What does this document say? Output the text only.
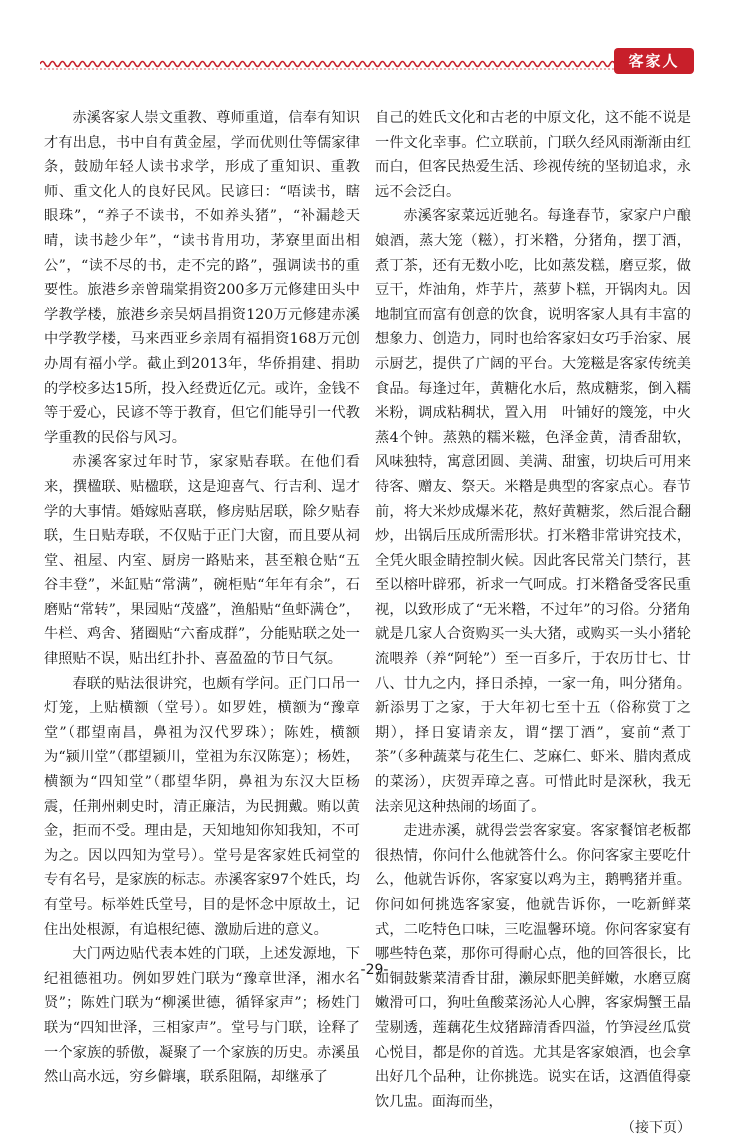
客家人

赤溪客家人崇文重教、尊师重道，信奉有知识才有出息，书中自有黄金屋，学而优则仕等儒家律条，鼓励年轻人读书求学，形成了重知识、重教师、重文化人的良好民风。民谚曰：“唔读书，瞎眼珠”，“养子不读书，不如养头猪”，“补漏趁天晴，读书趁少年”，“读书肯用功，茅寮里面出相公”，“读不尽的书，走不完的路”，强调读书的重要性。旅港乡亲曾瑞棠捐资200多万元修建田头中学教学楼，旅港乡亲吴炳昌捐资120万元修建赤溪中学教学楼，马来西亚乡亲周有福捐资168万元创办周有福小学。截止到2013年，华侨捐建、捐助的学校多达15所，投入经费近亿元。或许，金钱不等于爱心，民谚不等于教育，但它们能导引一代教学重教的民俗与风习。

赤溪客家过年时节，家家贴春联。在他们看来，撰楹联、贴楹联，这是迎喜气、行吉利、逞才学的大事情。婚嫁贴喜联，修房贴居联，除夕贴春联，生日贴寿联，不仅贴于正门大窗，而且要从祠堂、祖屋、内室、厨房一路贴来，甚至粮仓贴“五谷丰登”，米缸贴“常满”，碗柜贴“年年有余”，石磨贴“常转”，果园贴“茂盛”，渔船贴“鱼虾满仓”，牛栏、鸡舍、猪圈贴“六畜成群”，分能贴联之处一律照贴不误，贴出红扑扑、喜盈盈的节日气氛。

春联的贴法很讲究，也颇有学问。正门口吊一灯笼，上贴横额（堂号）。如罗姓，横额为“豫章堂”（郡望南昌，鼻祖为汉代罗珠）；陈姓，横额为“颍川堂”（郡望颍川，堂祖为东汉陈寔）；杨姓，横额为“四知堂”（郡望华阴，鼻祖为东汉大臣杨震，任荆州刺史时，清正廉洁，为民拥戴。贿以黄金，拒而不受。理由是，天知地知你知我知，不可为之。因以四知为堂号）。堂号是客家姓氏祠堂的专有名号，是家族的标志。赤溪客家97个姓氏，均有堂号。标举姓氏堂号，目的是怀念中原故土，记住出处根源，有追根纪德、激励后进的意义。

大门两边贴代表本姓的门联，上述发源地，下纪祖德祖功。例如罗姓门联为“豫章世泽，湘水名贤”；陈姓门联为“柳溪世德，循铎家声”；杨姓门联为“四知世泽，三相家声”。堂号与门联，诠释了一个家族的骄傲，凝聚了一个家族的历史。赤溪虽然山高水远，穷乡僻壤，联系阻隔，却继承了

自己的姓氏文化和古老的中原文化，这不能不说是一件文化幸事。伫立联前，门联久经风雨渐渐由红而白，但客民热爱生活、珍视传统的坚韧追求，永远不会泛白。

赤溪客家菜远近驰名。每逢春节，家家户户酿娘酒，蒸大笼（糍），打米糌，分猪角，摆丁酒，煮丁茶，还有无数小吃，比如蒸发糕，磨豆浆，做豆干，炸油角，炸芋片，蒸萝卜糕，开锅肉丸。因地制宜而富有创意的饮食，说明客家人具有丰富的想象力、创造力，同时也给客家妇女巧手治家、展示厨艺，提供了广阔的平台。大笼糍是客家传统美食品。每逢过年，黄糖化水后，熬成糖浆，倒入糯米粉，调成粘稠状，置入用　叶铺好的篾笼，中火蒸4个钟。蒸熟的糯米糍，色泽金黄，清香甜软，风味独特，寓意团圆、美满、甜蜜，切块后可用来待客、赠友、祭天。米糌是典型的客家点心。春节前，将大米炒成爆米花，熬好黄糖浆，然后混合翻炒，出锅后压成所需形状。打米糌非常讲究技术，全凭火眼金睛控制火候。因此客民常关门禁行，甚至以榕叶辟邪，祈求一气呵成。打米糌备受客民重视，以致形成了“无米糌，不过年”的习俗。分猪角就是几家人合资购买一头大猪，或购买一头小猪轮流喂养（养“阿轮”）至一百多斤，于农历廿七、廿八、廿九之内，择日杀掉，一家一角，叫分猪角。新添男丁之家，于大年初七至十五（俗称赏丁之期），择日宴请亲友，谓“摆丁酒”，宴前“煮丁茶”（多种蔬菜与花生仁、芝麻仁、虾米、腊肉煮成的菜汤），庆贺弄璋之喜。可惜此时是深秋，我无法亲见这种热闹的场面了。

走进赤溪，就得尝尝客家宴。客家餐馆老板都很热情，你问什么他就答什么。你问客家主要吃什么，他就告诉你，客家宴以鸡为主，鹅鸭猪并重。你问如何挑选客家宴，他就告诉你，一吃新鲜菜式，二吃特色口味，三吃温馨环境。你问客家宴有哪些特色菜，那你可得耐心点，他的回答很长，比如铜鼓紫菜清香甘甜，濑尿虾肥美鲜嫩，水磨豆腐嫩滑可口，狗吐鱼酸菜汤沁人心脾，客家焗蟹王晶莹剔透，莲藕花生炆猪蹄清香四溢，竹笋浸丝瓜赏心悦目，都是你的首选。尤其是客家娘酒，也会拿出好几个品种，让你挑选。说实在话，这酒值得豪饮几盅。面海而坐，

（接下页）
-29-
